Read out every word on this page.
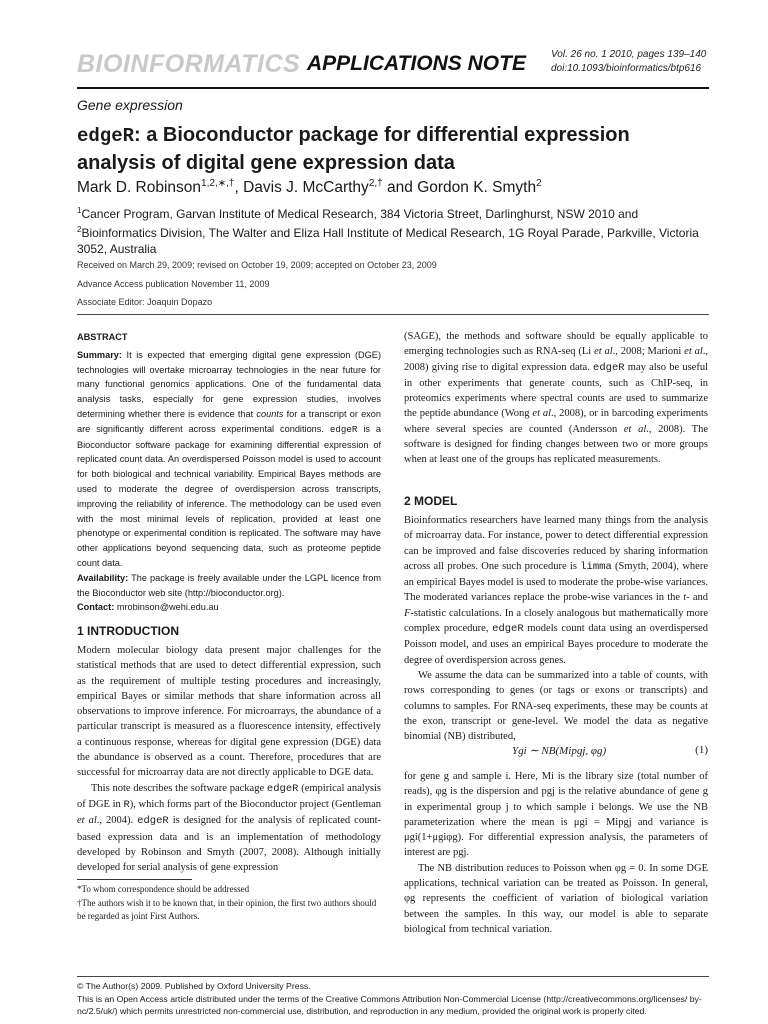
BIOINFORMATICS APPLICATIONS NOTE	Vol. 26 no. 1 2010, pages 139–140
doi:10.1093/bioinformatics/btp616
Gene expression
edgeR: a Bioconductor package for differential expression
analysis of digital gene expression data
Mark D. Robinson$^{1,2,∗,\dagger}$, Davis J. McCarthy$^{2,\dagger}$ and Gordon K. Smyth$^2$
$^1$Cancer Program, Garvan Institute of Medical Research, 384 Victoria Street, Darlinghurst, NSW 2010 and
$^2$Bioinformatics Division, The Walter and Eliza Hall Institute of Medical Research, 1G Royal Parade, Parkville, Victoria 3052, Australia
Received on March 29, 2009; revised on October 19, 2009; accepted on October 23, 2009
Advance Access publication November 11, 2009
Associate Editor: Joaquin Dopazo
ABSTRACT
Summary: It is expected that emerging digital gene expression (DGE) technologies will overtake microarray technologies in the near future for many functional genomics applications. One of the fundamental data analysis tasks, especially for gene expression studies, involves determining whether there is evidence that counts for a transcript or exon are significantly different across experimental conditions. edgeR is a Bioconductor software package for examining differential expression of replicated count data. An overdispersed Poisson model is used to account for both biological and technical variability. Empirical Bayes methods are used to moderate the degree of overdispersion across transcripts, improving the reliability of inference. The methodology can be used even with the most minimal levels of replication, provided at least one phenotype or experimental condition is replicated. The software may have other applications beyond sequencing data, such as proteome peptide count data.
Availability: The package is freely available under the LGPL licence from the Bioconductor web site (http://bioconductor.org).
Contact: mrobinson@wehi.edu.au
1 INTRODUCTION

Modern molecular biology data present major challenges for the statistical methods that are used to detect differential expression, such as the requirement of multiple testing procedures and increasingly, empirical Bayes or similar methods that share information across all observations to improve inference. For microarrays, the abundance of a particular transcript is measured as a fluorescence intensity, effectively a continuous response, whereas for digital gene expression (DGE) data the abundance is observed as a count. Therefore, procedures that are successful for microarray data are not directly applicable to DGE data.

This note describes the software package edgeR (empirical analysis of DGE in R), which forms part of the Bioconductor project (Gentleman et al., 2004). edgeR is designed for the analysis of replicated count-based expression data and is an implementation of methodology developed by Robinson and Smyth (2007, 2008). Although initially developed for serial analysis of gene expression

*To whom correspondence should be addressed
†The authors wish it to be known that, in their opinion, the first two authors should be regarded as joint First Authors.

(SAGE), the methods and software should be equally applicable to emerging technologies such as RNA-seq (Li et al., 2008; Marioni et al., 2008) giving rise to digital expression data. edgeR may also be useful in other experiments that generate counts, such as ChIP-seq, in proteomics experiments where spectral counts are used to summarize the peptide abundance (Wong et al., 2008), or in barcoding experiments where several species are counted (Andersson et al., 2008). The software is designed for finding changes between two or more groups when at least one of the groups has replicated measurements.

2 MODEL

Bioinformatics researchers have learned many things from the analysis of microarray data. For instance, power to detect differential expression can be improved and false discoveries reduced by sharing information across all probes. One such procedure is limma (Smyth, 2004), where an empirical Bayes model is used to moderate the probe-wise variances. The moderated variances replace the probe-wise variances in the t- and F-statistic calculations. In a closely analogous but mathematically more complex procedure, edgeR models count data using an overdispersed Poisson model, and uses an empirical Bayes procedure to moderate the degree of overdispersion across genes.

We assume the data can be summarized into a table of counts, with rows corresponding to genes (or tags or exons or transcripts) and columns to samples. For RNA-seq experiments, these may be counts at the exon, transcript or gene-level. We model the data as negative binomial (NB) distributed,

Ygi ∼ NB(Mipgj, φg)	(1)

for gene g and sample i. Here, Mi is the library size (total number of reads), φg is the dispersion and pgj is the relative abundance of gene g in experimental group j to which sample i belongs. We use the NB parameterization where the mean is μgi = Mipgj and variance is μgi(1+μgiφg). For differential expression analysis, the parameters of interest are pgj.

The NB distribution reduces to Poisson when φg = 0. In some DGE applications, technical variation can be treated as Poisson. In general, φg represents the coefficient of variation of biological variation between the samples. In this way, our model is able to separate biological from technical variation.

© The Author(s) 2009. Published by Oxford University Press.
This is an Open Access article distributed under the terms of the Creative Commons Attribution Non-Commercial License (http://creativecommons.org/licenses/ by-nc/2.5/uk/) which permits unrestricted non-commercial use, distribution, and reproduction in any medium, provided the original work is properly cited.
